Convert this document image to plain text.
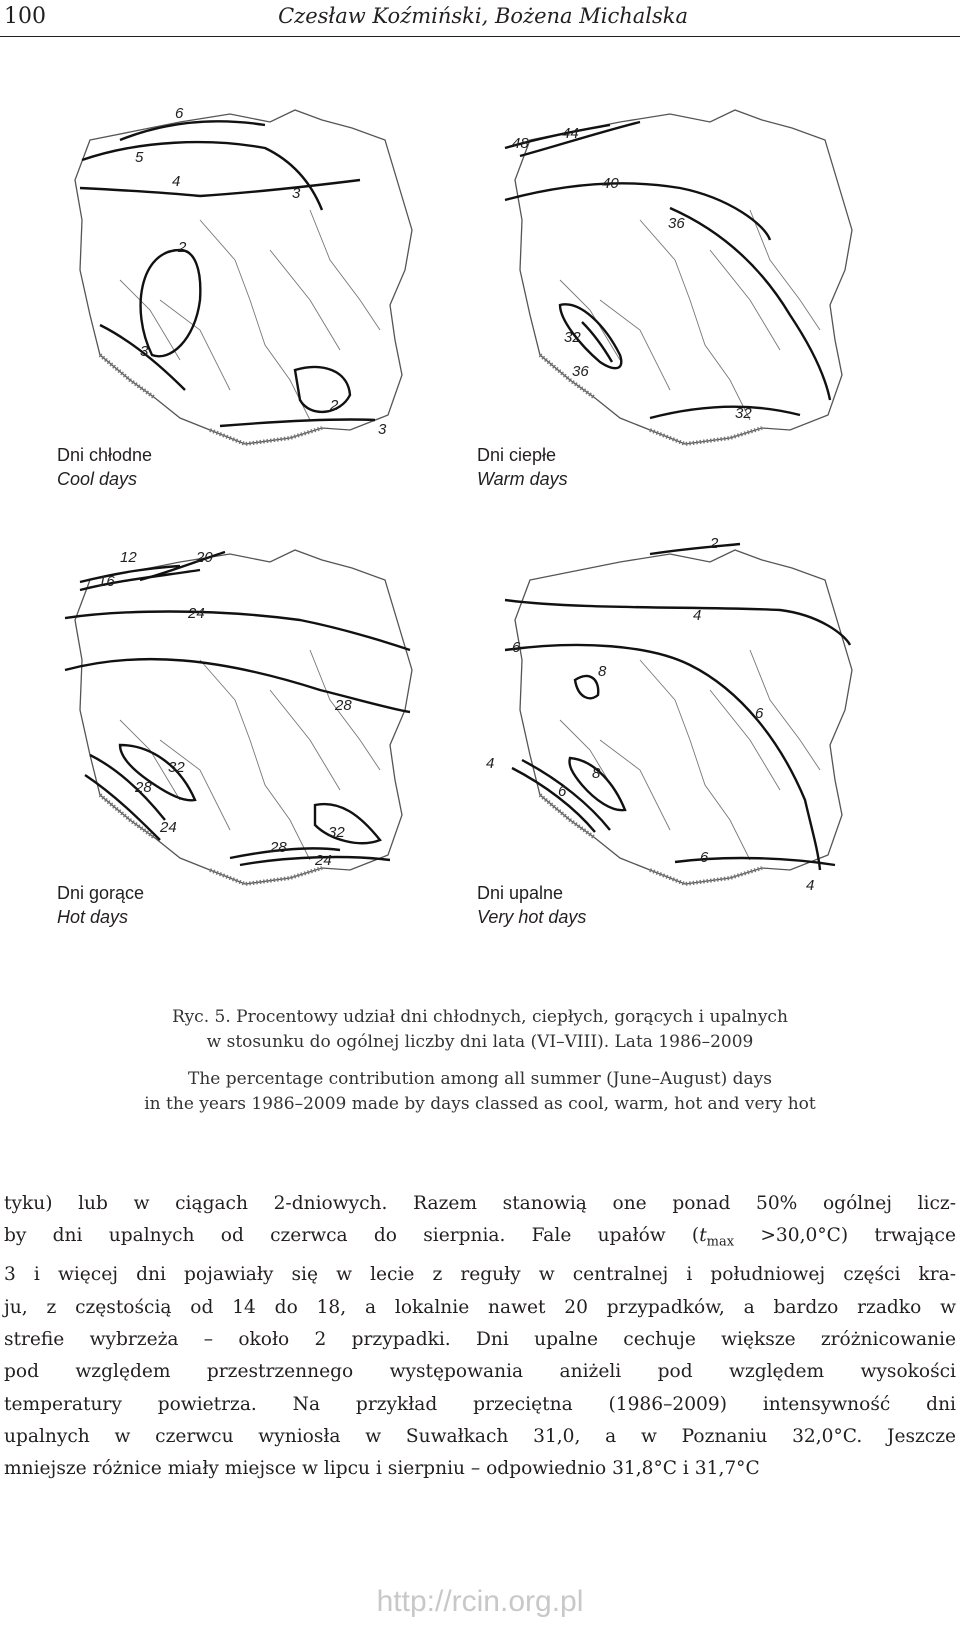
100	Czesław Koźmiński, Bożena Michalska
6
5
4
3
2
3
2
3
Dni chłodne
Cool days
48
44
40
36
32
36
32
Dni ciepłe
Warm days
12	20
16
24
28
32
28
24	32
28
24
Dni gorące
Hot days
2
4
6
8
6
4
8
6
6
4
Dni upalne
Very hot days

Ryc. 5. Procentowy udział dni chłodnych, ciepłych, gorących i upalnych

w stosunku do ogólnej liczby dni lata (VI–VIII). Lata 1986–2009

The percentage contribution among all summer (June–August) days

in the years 1986–2009 made by days classed as cool, warm, hot and very hot

tyku) lub w ciągach 2-dniowych. Razem stanowią one ponad 50% ogólnej licz-
by dni upalnych od czerwca do sierpnia. Fale upałów $(t_{max} >30,0^\circ C)$ trwające
3 i więcej dni pojawiały się w lecie z reguły w centralnej i południowej części kra-
ju, z częstością od 14 do 18, a lokalnie nawet 20 przypadków, a bardzo rzadko w
strefie wybrzeża – około 2 przypadki. Dni upalne cechuje większe zróżnicowanie
pod względem przestrzennego występowania aniżeli pod względem wysokości
temperatury powietrza. Na przykład przeciętna (1986–2009) intensywność dni
upalnych w czerwcu wyniosła w Suwałkach 31,0, a w Poznaniu 32,0°C. Jeszcze
mniejsze różnice miały miejsce w lipcu i sierpniu – odpowiednio 31,8°C i 31,7°C
http://rcin.org.pl
